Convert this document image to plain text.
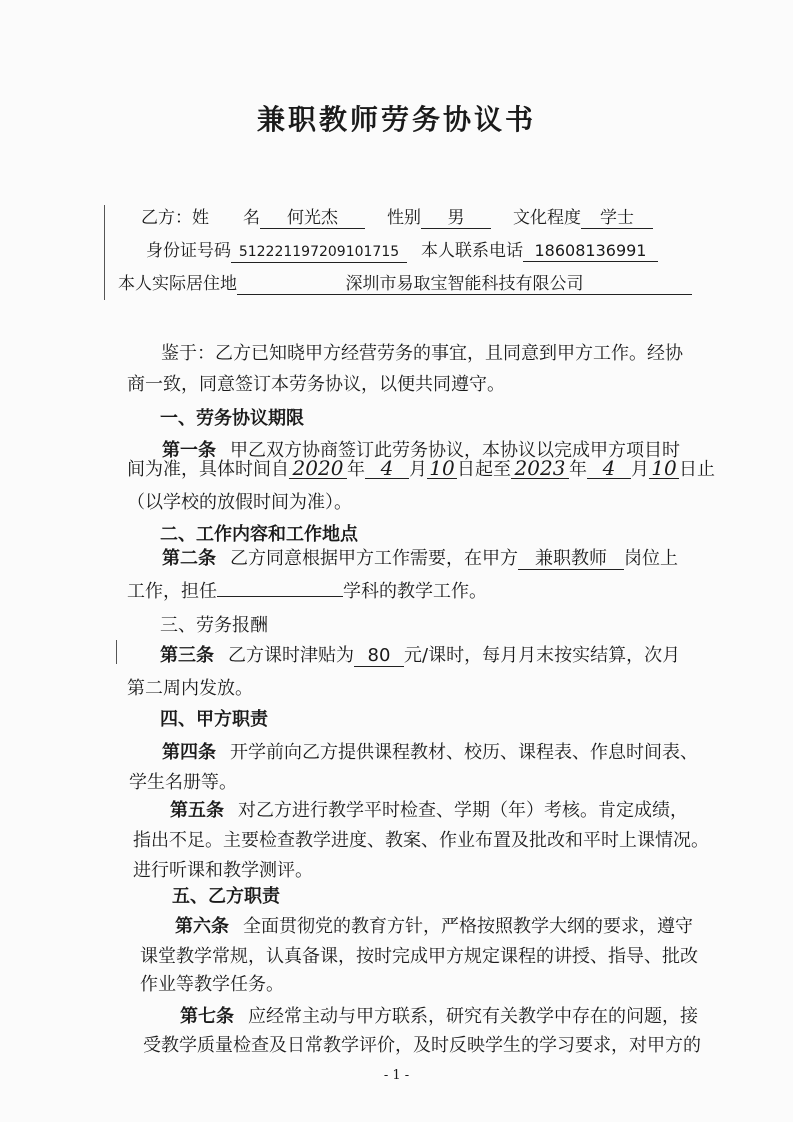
兼职教师劳务协议书
乙方：姓　　名 何光杰	性别 男	文化程度 学士
身份证号码 512221197209101715 本人联系电话 18608136991
本人实际居住地	深圳市易取宝智能科技有限公司
鉴于：乙方已知晓甲方经营劳务的事宜，且同意到甲方工作。经协
商一致，同意签订本劳务协议，以便共同遵守。
一、劳务协议期限
第一条 甲乙双方协商签订此劳务协议，本协议以完成甲方项目时
间为准，具体时间自 2020 年 4 月 10 日起至 2023 年 4 月 10 日止
（以学校的放假时间为准）。
二、工作内容和工作地点
第二条 乙方同意根据甲方工作需要，在甲方 兼职教师 岗位上
工作，担任	学科的教学工作。
三、劳务报酬
第三条 乙方课时津贴为 80 元/课时，每月月末按实结算，次月
第二周内发放。
四、甲方职责
第四条 开学前向乙方提供课程教材、校历、课程表、作息时间表、
学生名册等。
第五条 对乙方进行教学平时检查、学期（年）考核。肯定成绩，
指出不足。主要检查教学进度、教案、作业布置及批改和平时上课情况。
进行听课和教学测评。
五、乙方职责
第六条 全面贯彻党的教育方针，严格按照教学大纲的要求，遵守
课堂教学常规，认真备课，按时完成甲方规定课程的讲授、指导、批改
作业等教学任务。
第七条 应经常主动与甲方联系，研究有关教学中存在的问题，接
受教学质量检查及日常教学评价，及时反映学生的学习要求，对甲方的
- 1 -
